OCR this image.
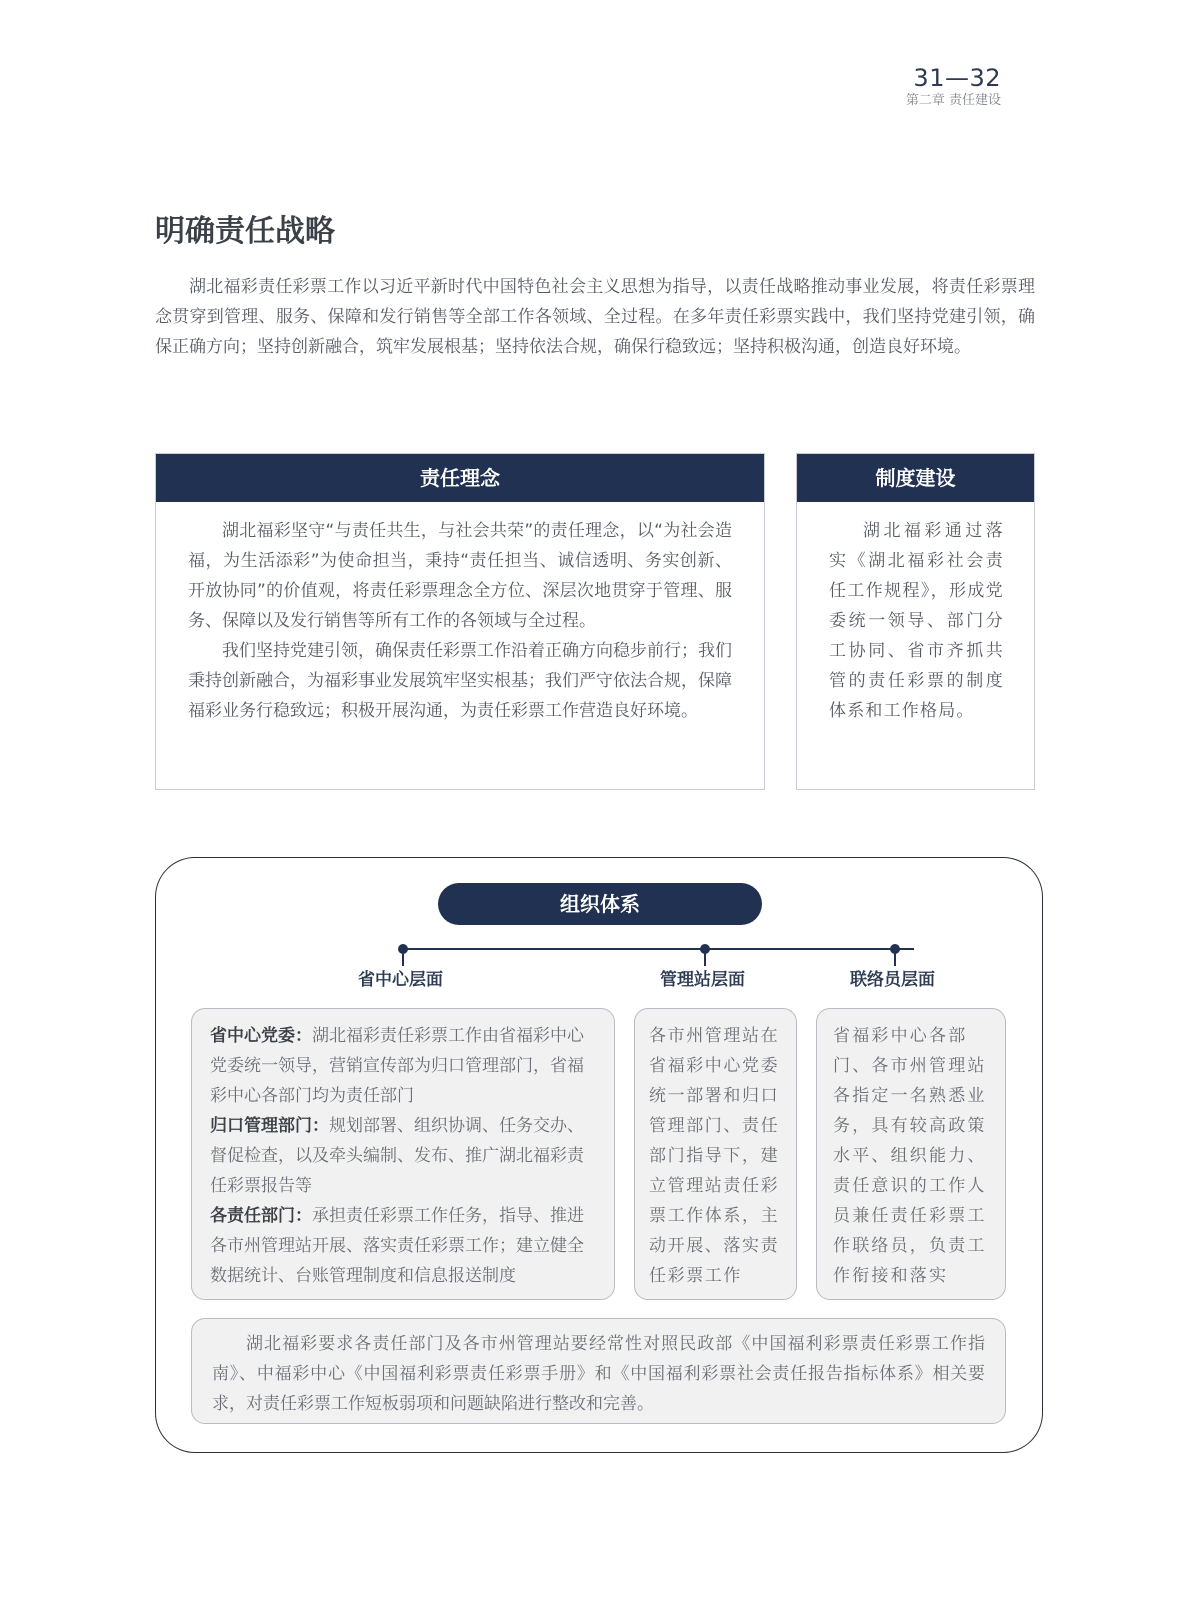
31—32
第二章 责任建设
明确责任战略

湖北福彩责任彩票工作以习近平新时代中国特色社会主义思想为指导，以责任战略推动事业发展，将责任彩票理念贯穿到管理、服务、保障和发行销售等全部工作各领域、全过程。在多年责任彩票实践中，我们坚持党建引领，确保正确方向；坚持创新融合，筑牢发展根基；坚持依法合规，确保行稳致远；坚持积极沟通，创造良好环境。

责任理念

湖北福彩坚守“与责任共生，与社会共荣”的责任理念，以“为社会造福，为生活添彩”为使命担当，秉持“责任担当、诚信透明、务实创新、开放协同”的价值观，将责任彩票理念全方位、深层次地贯穿于管理、服务、保障以及发行销售等所有工作的各领域与全过程。

我们坚持党建引领，确保责任彩票工作沿着正确方向稳步前行；我们秉持创新融合，为福彩事业发展筑牢坚实根基；我们严守依法合规，保障福彩业务行稳致远；积极开展沟通，为责任彩票工作营造良好环境。

制度建设

湖北福彩通过落实《湖北福彩社会责任工作规程》，形成党委统一领导、部门分工协同、省市齐抓共管的责任彩票的制度体系和工作格局。

组织体系
省中心层面	管理站层面	联络员层面
省中心党委：湖北福彩责任彩票工作由省福彩中心党委统一领导，营销宣传部为归口管理部门，省福彩中心各部门均为责任部门
归口管理部门：规划部署、组织协调、任务交办、督促检查，以及牵头编制、发布、推广湖北福彩责任彩票报告等
各责任部门：承担责任彩票工作任务，指导、推进各市州管理站开展、落实责任彩票工作；建立健全数据统计、台账管理制度和信息报送制度
各市州管理站在省福彩中心党委统一部署和归口管理部门、责任部门指导下，建立管理站责任彩票工作体系，主动开展、落实责任彩票工作
省福彩中心各部门、各市州管理站各指定一名熟悉业务，具有较高政策水平、组织能力、责任意识的工作人员兼任责任彩票工作联络员，负责工作衔接和落实
湖北福彩要求各责任部门及各市州管理站要经常性对照民政部《中国福利彩票责任彩票工作指南》、中福彩中心《中国福利彩票责任彩票手册》和《中国福利彩票社会责任报告指标体系》相关要求，对责任彩票工作短板弱项和问题缺陷进行整改和完善。
